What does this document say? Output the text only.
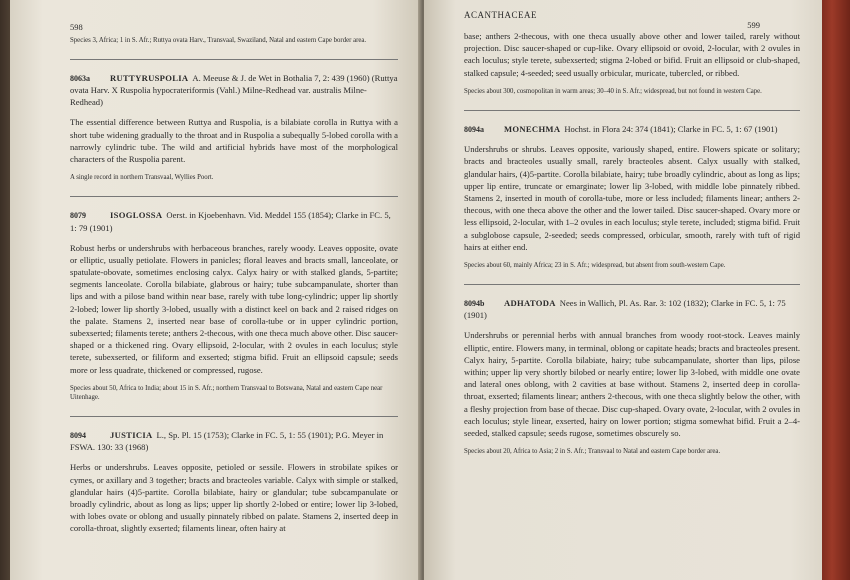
598

Species 3, Africa; 1 in S. Afr.; Ruttya ovata Harv., Transvaal, Swaziland, Natal and eastern Cape border area.

8063a RUTTYRUSPOLIA A. Meeuse & J. de Wet in Bothalia 7, 2: 439 (1960) (Ruttya ovata Harv. X Ruspolia hypocrateriformis (Vahl.) Milne-Redhead var. australis Milne-Redhead)

The essential difference between Ruttya and Ruspolia, is a bilabiate corolla in Ruttya with a short tube widening gradually to the throat and in Ruspolia a subequally 5-lobed corolla with a narrowly cylindric tube. The wild and artificial hybrids have most of the morphological characters of the Ruspolia parent.

A single record in northern Transvaal, Wyllies Poort.

8079	ISOGLOSSA Oerst. in Kjoebenhavn. Vid. Meddel 155 (1854); Clarke in FC. 5, 1: 79 (1901)

Robust herbs or undershrubs with herbaceous branches, rarely woody. Leaves opposite, ovate or elliptic, usually petiolate. Flowers in panicles; floral leaves and bracts small, lanceolate, or spatulate-obovate, sometimes enclosing calyx. Calyx hairy or with stalked glands, 5-partite; segments lanceolate. Corolla bilabiate, glabrous or hairy; tube subcampanulate, shorter than lips and with a pilose band within near base, rarely with tube long-cylindric; upper lip shortly 2-lobed; lower lip shortly 3-lobed, usually with a distinct keel on back and 2 raised ridges on the palate. Stamens 2, inserted near base of corolla-tube or in upper cylindric portion, subexserted; filaments terete; anthers 2-thecous, with one theca much above other. Disc saucer-shaped or a thickened ring. Ovary ellipsoid, 2-locular, with 2 ovules in each loculus; style terete, subexserted, or filiform and exserted; stigma bifid. Fruit an ellipsoid capsule; seeds more or less quadrate, thickened or compressed, rugose.

Species about 50, Africa to India; about 15 in S. Afr.; northern Transvaal to Botswana, Natal and eastern Cape near Uitenhage.

8094	JUSTICIA L., Sp. Pl. 15 (1753); Clarke in FC. 5, 1: 55 (1901); P.G. Meyer in FSWA. 130: 33 (1968)

Herbs or undershrubs. Leaves opposite, petioled or sessile. Flowers in strobilate spikes or cymes, or axillary and 3 together; bracts and bracteoles variable. Calyx with simple or stalked, glandular hairs (4)5-partite. Corolla bilabiate, hairy or glandular; tube subcampanulate or broadly cylindric, about as long as lips; upper lip shortly 2-lobed or entire; lower lip 3-lobed, with lobes ovate or oblong and usually pinnately ribbed on palate. Stamens 2, inserted deep in corolla-throat, slightly exserted; filaments linear, often hairy at

ACANTHACEAE
599

base; anthers 2-thecous, with one theca usually above other and lower tailed, rarely without projection. Disc saucer-shaped or cup-like. Ovary ellipsoid or ovoid, 2-locular, with 2 ovules in each loculus; style terete, subexserted; stigma 2-lobed or bifid. Fruit an ellipsoid or club-shaped, stalked capsule; 4-seeded; seed usually orbicular, muricate, tubercled, or ribbed.

Species about 300, cosmopolitan in warm areas; 30–40 in S. Afr.; widespread, but not found in western Cape.

8094a MONECHMA Hochst. in Flora 24: 374 (1841); Clarke in FC. 5, 1: 67 (1901)

Undershrubs or shrubs. Leaves opposite, variously shaped, entire. Flowers spicate or solitary; bracts and bracteoles usually small, rarely bracteoles absent. Calyx usually with stalked, glandular hairs, (4)5-partite. Corolla bilabiate, hairy; tube broadly cylindric, about as long as lips; upper lip entire, truncate or emarginate; lower lip 3-lobed, with middle lobe pinnately ribbed. Stamens 2, inserted in mouth of corolla-tube, more or less included; filaments linear; anthers 2-thecous, with one theca above the other and the lower tailed. Disc saucer-shaped. Ovary more or less ellipsoid, 2-locular, with 1–2 ovules in each loculus; style terete, included; stigma bifid. Fruit a subglobose capsule, 2-seeded; seeds compressed, orbicular, smooth, rarely with tuft of rigid hairs at either end.

Species about 60, mainly Africa; 23 in S. Afr.; widespread, but absent from south-western Cape.

8094b ADHATODA Nees in Wallich, Pl. As. Rar. 3: 102 (1832); Clarke in FC. 5, 1: 75 (1901)

Undershrubs or perennial herbs with annual branches from woody root-stock. Leaves mainly elliptic, entire. Flowers many, in terminal, oblong or capitate heads; bracts and bracteoles present. Calyx hairy, 5-partite. Corolla bilabiate, hairy; tube subcampanulate, shorter than lips, pilose within; upper lip very shortly bilobed or nearly entire; lower lip 3-lobed, with middle one ovate and lateral ones oblong, with 2 cavities at base without. Stamens 2, inserted deep in corolla-throat, exserted; filaments linear; anthers 2-thecous, with one theca slightly below the other, with a fleshy projection from base of thecae. Disc cup-shaped. Ovary ovate, 2-locular, with 2 ovules in each loculus; style linear, exserted, hairy on lower portion; stigma somewhat bifid. Fruit a 2–4-seeded, stalked capsule; seeds rugose, sometimes obscurely so.

Species about 20, Africa to Asia; 2 in S. Afr.; Transvaal to Natal and eastern Cape border area.
